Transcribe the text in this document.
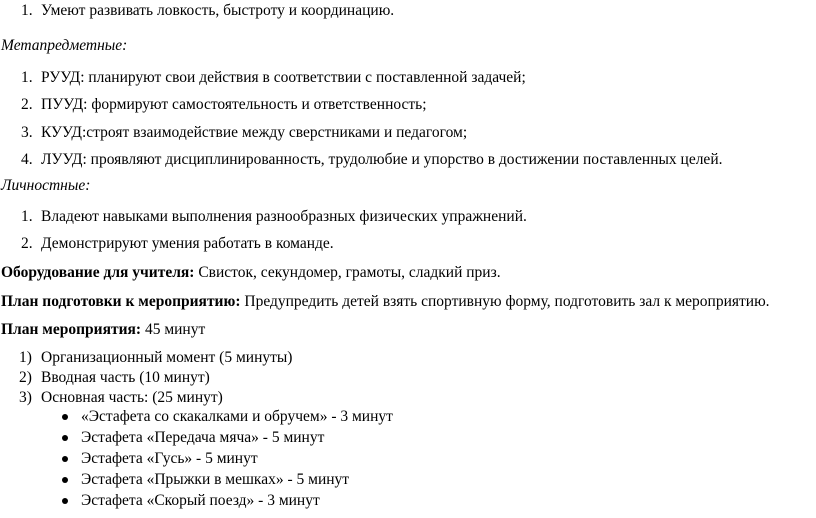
1. Умеют развивать ловкость, быстроту и координацию.
Метапредметные:
1. РУУД: планируют свои действия в соответствии с поставленной задачей;
2. ПУУД: формируют самостоятельность и ответственность;
3. КУУД:строят взаимодействие между сверстниками и педагогом;
4. ЛУУД: проявляют дисциплинированность, трудолюбие и упорство в достижении поставленных целей.
Личностные:
1. Владеют навыками выполнения разнообразных физических упражнений.
2. Демонстрируют умения работать в команде.
Оборудование для учителя: Свисток, секундомер, грамоты, сладкий приз.
План подготовки к мероприятию: Предупредить детей взять спортивную форму, подготовить зал к мероприятию.
План мероприятия: 45 минут
1) Организационный момент (5 минуты)
2) Вводная часть (10 минут)
3) Основная часть: (25 минут)
«Эстафета со скакалками и обручем» - 3 минут
Эстафета «Передача мяча» - 5 минут
Эстафета «Гусь» - 5 минут
Эстафета «Прыжки в мешках» - 5 минут
Эстафета «Скорый поезд» - 3 минут
